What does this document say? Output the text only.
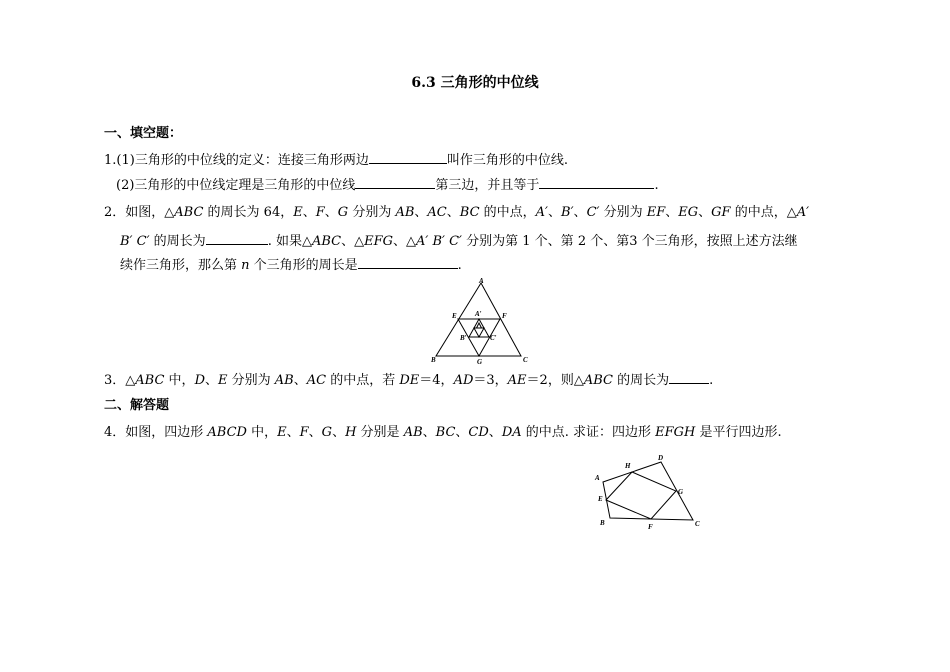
6.3 三角形的中位线
一、填空题：
1.(1)三角形的中位线的定义：连接三角形两边	叫作三角形的中位线.
(2)三角形的中位线定理是三角形的中位线	第三边，并且等于	.
2．如图，△ABC 的周长为 64，E、F、G 分别为 AB、AC、BC 的中点，A′、B′、C′ 分别为 EF、EG、GF 的中点，△A′
B′ C′ 的周长为	. 如果△ABC、△EFG、△A′ B′ C′ 分别为第 1 个、第 2 个、第3 个三角形，按照上述方法继
续作三角形，那么第 n 个三角形的周长是	.
A
B	C
E	F
G
A′
B′	C′
3．△ABC 中，D、E 分别为 AB、AC 的中点，若 DE＝4，AD＝3，AE＝2，则△ABC 的周长为	.
二、解答题
4．如图，四边形 ABCD 中，E、F、G、H 分别是 AB、BC、CD、DA 的中点. 求证：四边形 EFGH 是平行四边形.
A
B	C
D
E
F
G
H
